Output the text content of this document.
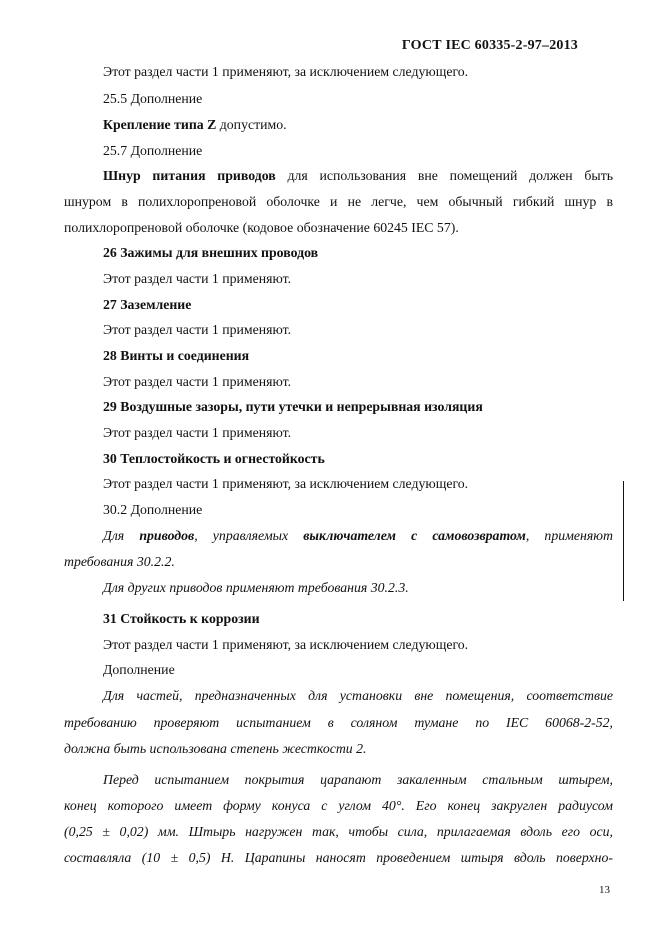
ГОСТ IEC 60335-2-97–2013
Этот раздел части 1 применяют, за исключением следующего.
25.5 Дополнение
Крепление типа Z допустимо.
25.7 Дополнение
Шнур питания приводов для использования вне помещений должен быть
шнуром в полихлоропреновой оболочке и не легче, чем обычный гибкий шнур в
полихлоропреновой оболочке (кодовое обозначение 60245 IEC 57).
26 Зажимы для внешних проводов
Этот раздел части 1 применяют.
27 Заземление
Этот раздел части 1 применяют.
28 Винты и соединения
Этот раздел части 1 применяют.
29 Воздушные зазоры, пути утечки и непрерывная изоляция
Этот раздел части 1 применяют.
30 Теплостойкость и огнестойкость
Этот раздел части 1 применяют, за исключением следующего.
30.2 Дополнение
Для приводов, управляемых выключателем с самовозвратом, применяют
требования 30.2.2.
Для других приводов применяют требования 30.2.3.
31 Стойкость к коррозии
Этот раздел части 1 применяют, за исключением следующего.
Дополнение
Для частей, предназначенных для установки вне помещения, соответствие
требованию проверяют испытанием в соляном тумане по IEC 60068-2-52,
должна быть использована степень жесткости 2.
Перед испытанием покрытия царапают закаленным стальным штырем,
конец которого имеет форму конуса с углом 40°. Его конец закруглен радиусом
(0,25 ± 0,02) мм. Штырь нагружен так, чтобы сила, прилагаемая вдоль его оси,
составляла (10 ± 0,5) Н. Царапины наносят проведением штыря вдоль поверхно-
13
